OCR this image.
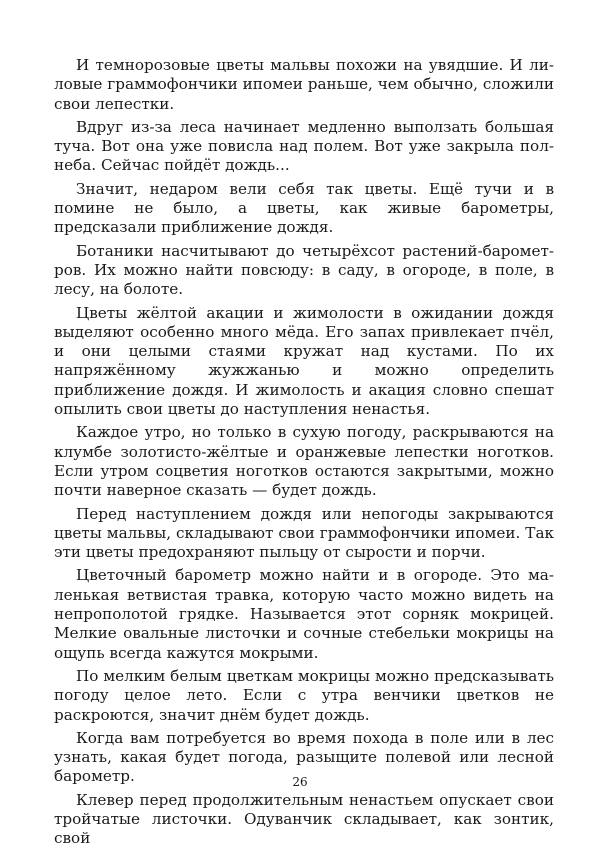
И темнорозовые цветы мальвы похожи на увядшие. И лиловые граммофончики ипомеи раньше, чем обычно, сложили свои лепестки.

Вдруг из-за леса начинает медленно выползать большая туча. Вот она уже повисла над полем. Вот уже закрыла полнеба. Сейчас пойдёт дождь...

Значит, недаром вели себя так цветы. Ещё тучи и в помине не было, а цветы, как живые барометры, предсказали приближение дождя.

Ботаники насчитывают до четырёхсот растений-барометров. Их можно найти повсюду: в саду, в огороде, в поле, в лесу, на болоте.

Цветы жёлтой акации и жимолости в ожидании дождя выделяют особенно много мёда. Его запах привлекает пчёл, и они целыми стаями кружат над кустами. По их напряжённому жужжанью и можно определить приближение дождя. И жимолость и акация словно спешат опылить свои цветы до наступления ненастья.

Каждое утро, но только в сухую погоду, раскрываются на клумбе золотисто-жёлтые и оранжевые лепестки ноготков. Если утром соцветия ноготков остаются закрытыми, можно почти наверное сказать — будет дождь.

Перед наступлением дождя или непогоды закрываются цветы мальвы, складывают свои граммофончики ипомеи. Так эти цветы предохраняют пыльцу от сырости и порчи.

Цветочный барометр можно найти и в огороде. Это маленькая ветвистая травка, которую часто можно видеть на непрополотой грядке. Называется этот сорняк мокрицей. Мелкие овальные листочки и сочные стебельки мокрицы на ощупь всегда кажутся мокрыми.

По мелким белым цветкам мокрицы можно предсказывать погоду целое лето. Если с утра венчики цветков не раскроются, значит днём будет дождь.

Когда вам потребуется во время похода в поле или в лес узнать, какая будет погода, разыщите полевой или лесной барометр.

Клевер перед продолжительным ненастьем опускает свои тройчатые листочки. Одуванчик складывает, как зонтик, свой

26
